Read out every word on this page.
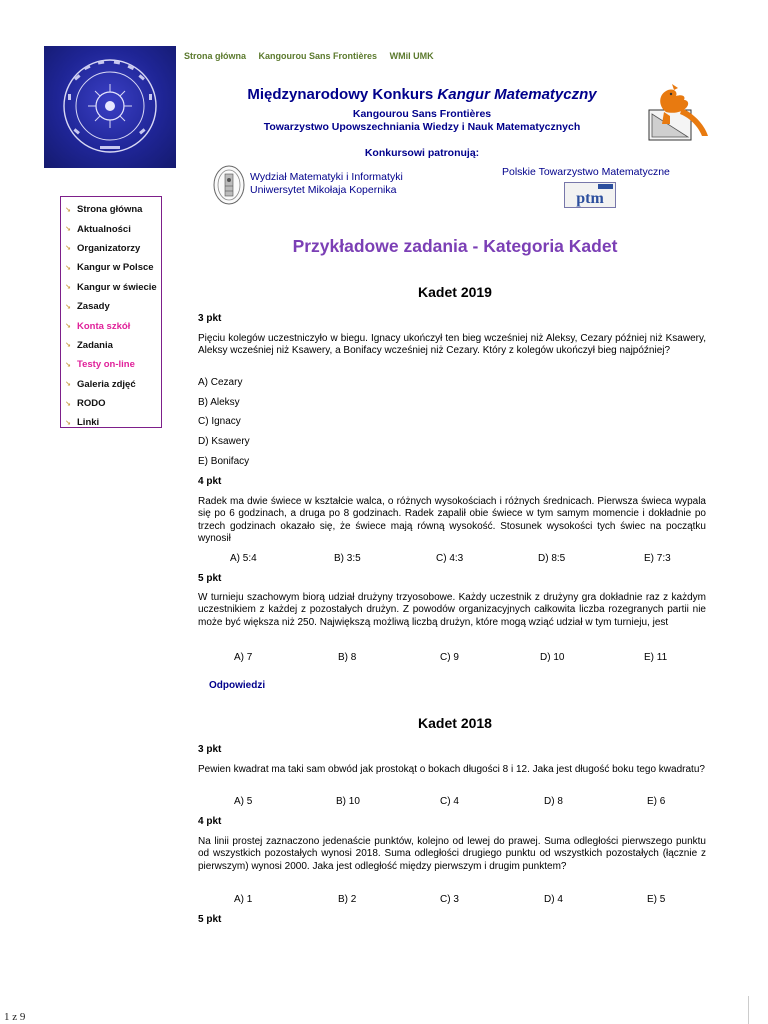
Strona główna Kangourou Sans Frontières WMiI UMK
Międzynarodowy Konkurs Kangur Matematyczny
Kangourou Sans Frontières
Towarzystwo Upowszechniania Wiedzy i Nauk Matematycznych
Konkursowi patronują:
Wydział Matematyki i Informatyki
Uniwersytet Mikołaja Kopernika
Polskie Towarzystwo Matematyczne
ptm
↘ Strona główna
↘ Aktualności
↘ Organizatorzy
↘ Kangur w Polsce
↘ Kangur w świecie
↘ Zasady
↘ Konta szkół
↘ Zadania
↘ Testy on-line
↘ Galeria zdjęć
↘ RODO
↘ Linki
Przykładowe zadania - Kategoria Kadet
Kadet 2019
3 pkt
Pięciu kolegów uczestniczyło w biegu. Ignacy ukończył ten bieg wcześniej niż Aleksy, Cezary później niż Ksawery, Aleksy wcześniej niż Ksawery, a Bonifacy wcześniej niż Cezary. Który z kolegów ukończył bieg najpóźniej?
A) Cezary
B) Aleksy
C) Ignacy
D) Ksawery
E) Bonifacy
4 pkt
Radek ma dwie świece w kształcie walca, o różnych wysokościach i różnych średnicach. Pierwsza świeca wypala się po 6 godzinach, a druga po 8 godzinach. Radek zapalił obie świece w tym samym momencie i dokładnie po trzech godzinach okazało się, że świece mają równą wysokość. Stosunek wysokości tych świec na początku wynosił
A) 5:4	B) 3:5	C) 4:3	D) 8:5	E) 7:3
5 pkt
W turnieju szachowym biorą udział drużyny trzyosobowe. Każdy uczestnik z drużyny gra dokładnie raz z każdym uczestnikiem z każdej z pozostałych drużyn. Z powodów organizacyjnych całkowita liczba rozegranych partii nie może być większa niż 250. Największą możliwą liczbą drużyn, które mogą wziąć udział w tym turnieju, jest
A) 7	B) 8	C) 9	D) 10	E) 11
Odpowiedzi
Kadet 2018
3 pkt
Pewien kwadrat ma taki sam obwód jak prostokąt o bokach długości 8 i 12. Jaka jest długość boku tego kwadratu?
A) 5	B) 10	C) 4	D) 8	E) 6
4 pkt
Na linii prostej zaznaczono jedenaście punktów, kolejno od lewej do prawej. Suma odległości pierwszego punktu od wszystkich pozostałych wynosi 2018. Suma odległości drugiego punktu od wszystkich pozostałych (łącznie z pierwszym) wynosi 2000. Jaka jest odległość między pierwszym i drugim punktem?
A) 1	B) 2	C) 3	D) 4	E) 5
5 pkt
1 z 9
